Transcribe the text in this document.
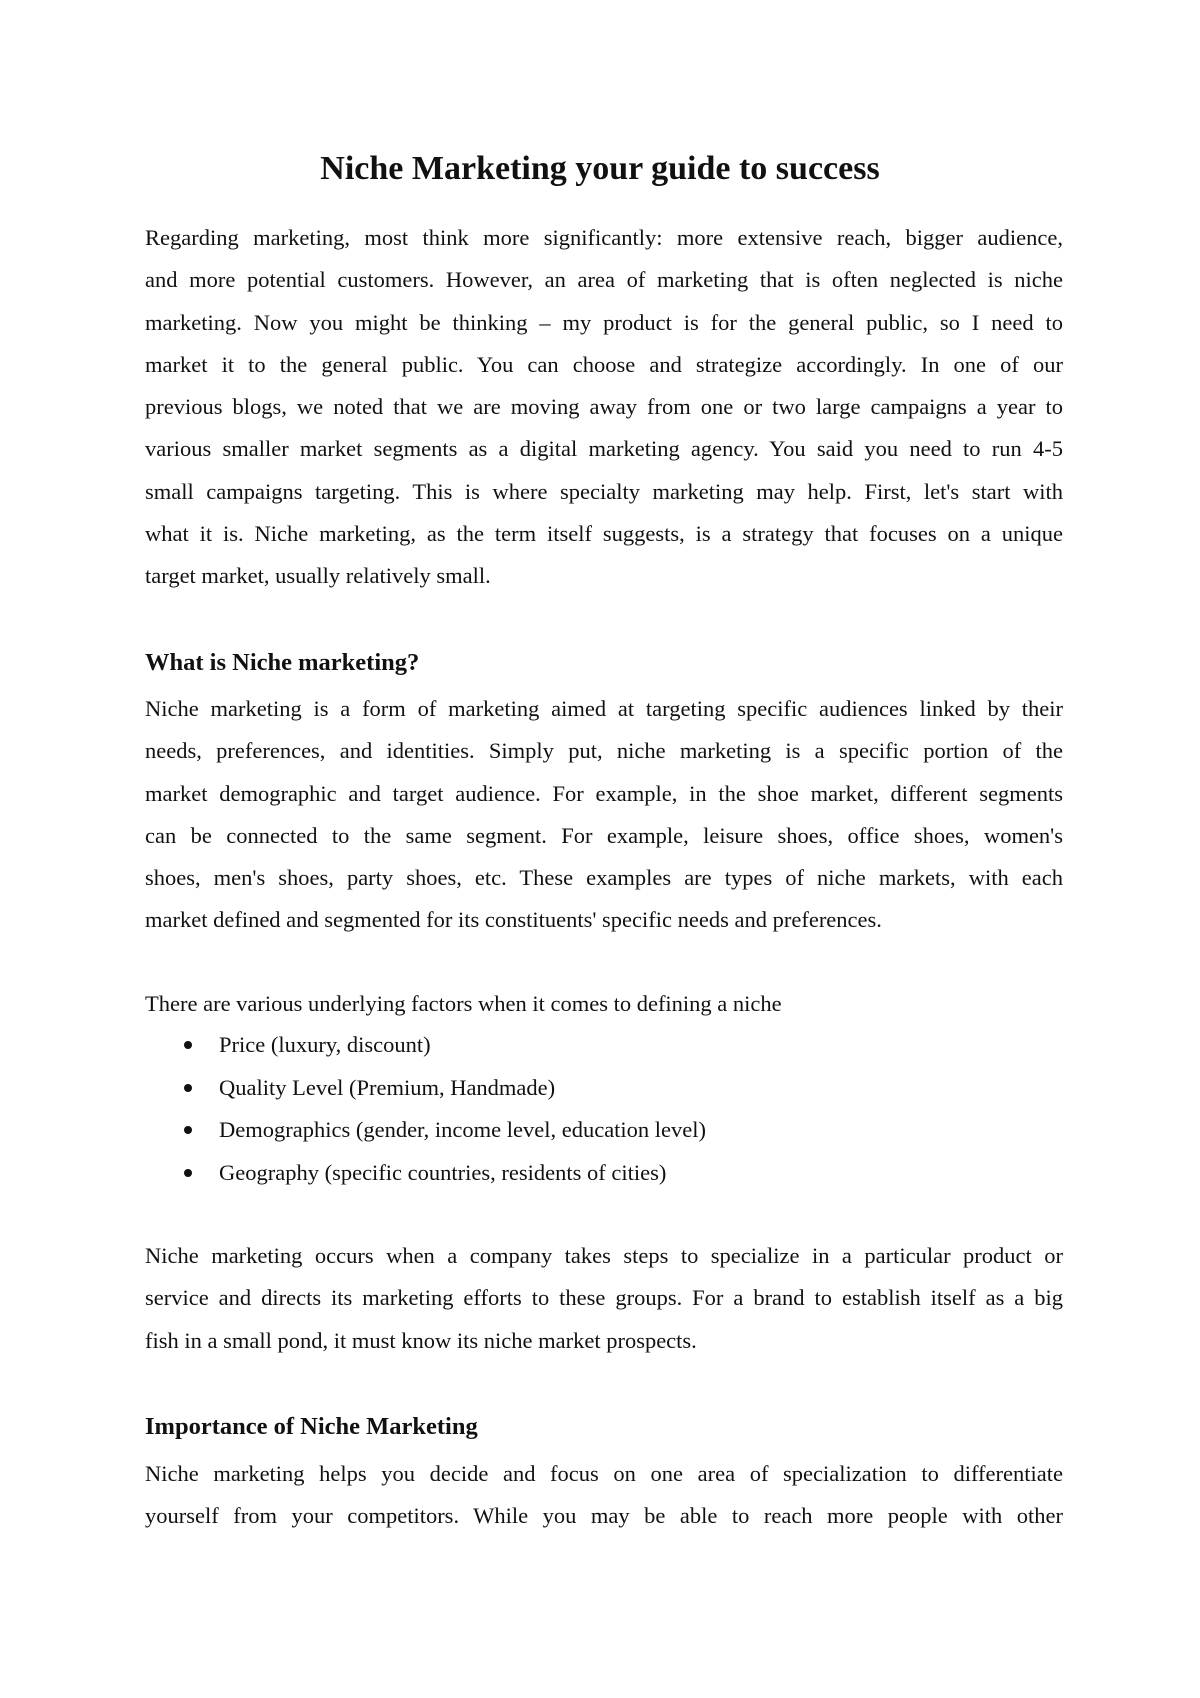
Niche Marketing your guide to success
Regarding marketing, most think more significantly: more extensive reach, bigger audience,
and more potential customers. However, an area of marketing that is often neglected is niche
marketing. Now you might be thinking – my product is for the general public, so I need to
market it to the general public. You can choose and strategize accordingly. In one of our
previous blogs, we noted that we are moving away from one or two large campaigns a year to
various smaller market segments as a digital marketing agency. You said you need to run 4-5
small campaigns targeting. This is where specialty marketing may help. First, let's start with
what it is. Niche marketing, as the term itself suggests, is a strategy that focuses on a unique
target market, usually relatively small.
What is Niche marketing?
Niche marketing is a form of marketing aimed at targeting specific audiences linked by their
needs, preferences, and identities. Simply put, niche marketing is a specific portion of the
market demographic and target audience. For example, in the shoe market, different segments
can be connected to the same segment. For example, leisure shoes, office shoes, women's
shoes, men's shoes, party shoes, etc. These examples are types of niche markets, with each
market defined and segmented for its constituents' specific needs and preferences.
There are various underlying factors when it comes to defining a niche
Price (luxury, discount)
Quality Level (Premium, Handmade)
Demographics (gender, income level, education level)
Geography (specific countries, residents of cities)
Niche marketing occurs when a company takes steps to specialize in a particular product or
service and directs its marketing efforts to these groups. For a brand to establish itself as a big
fish in a small pond, it must know its niche market prospects.
Importance of Niche Marketing
Niche marketing helps you decide and focus on one area of specialization to differentiate
yourself from your competitors. While you may be able to reach more people with other
